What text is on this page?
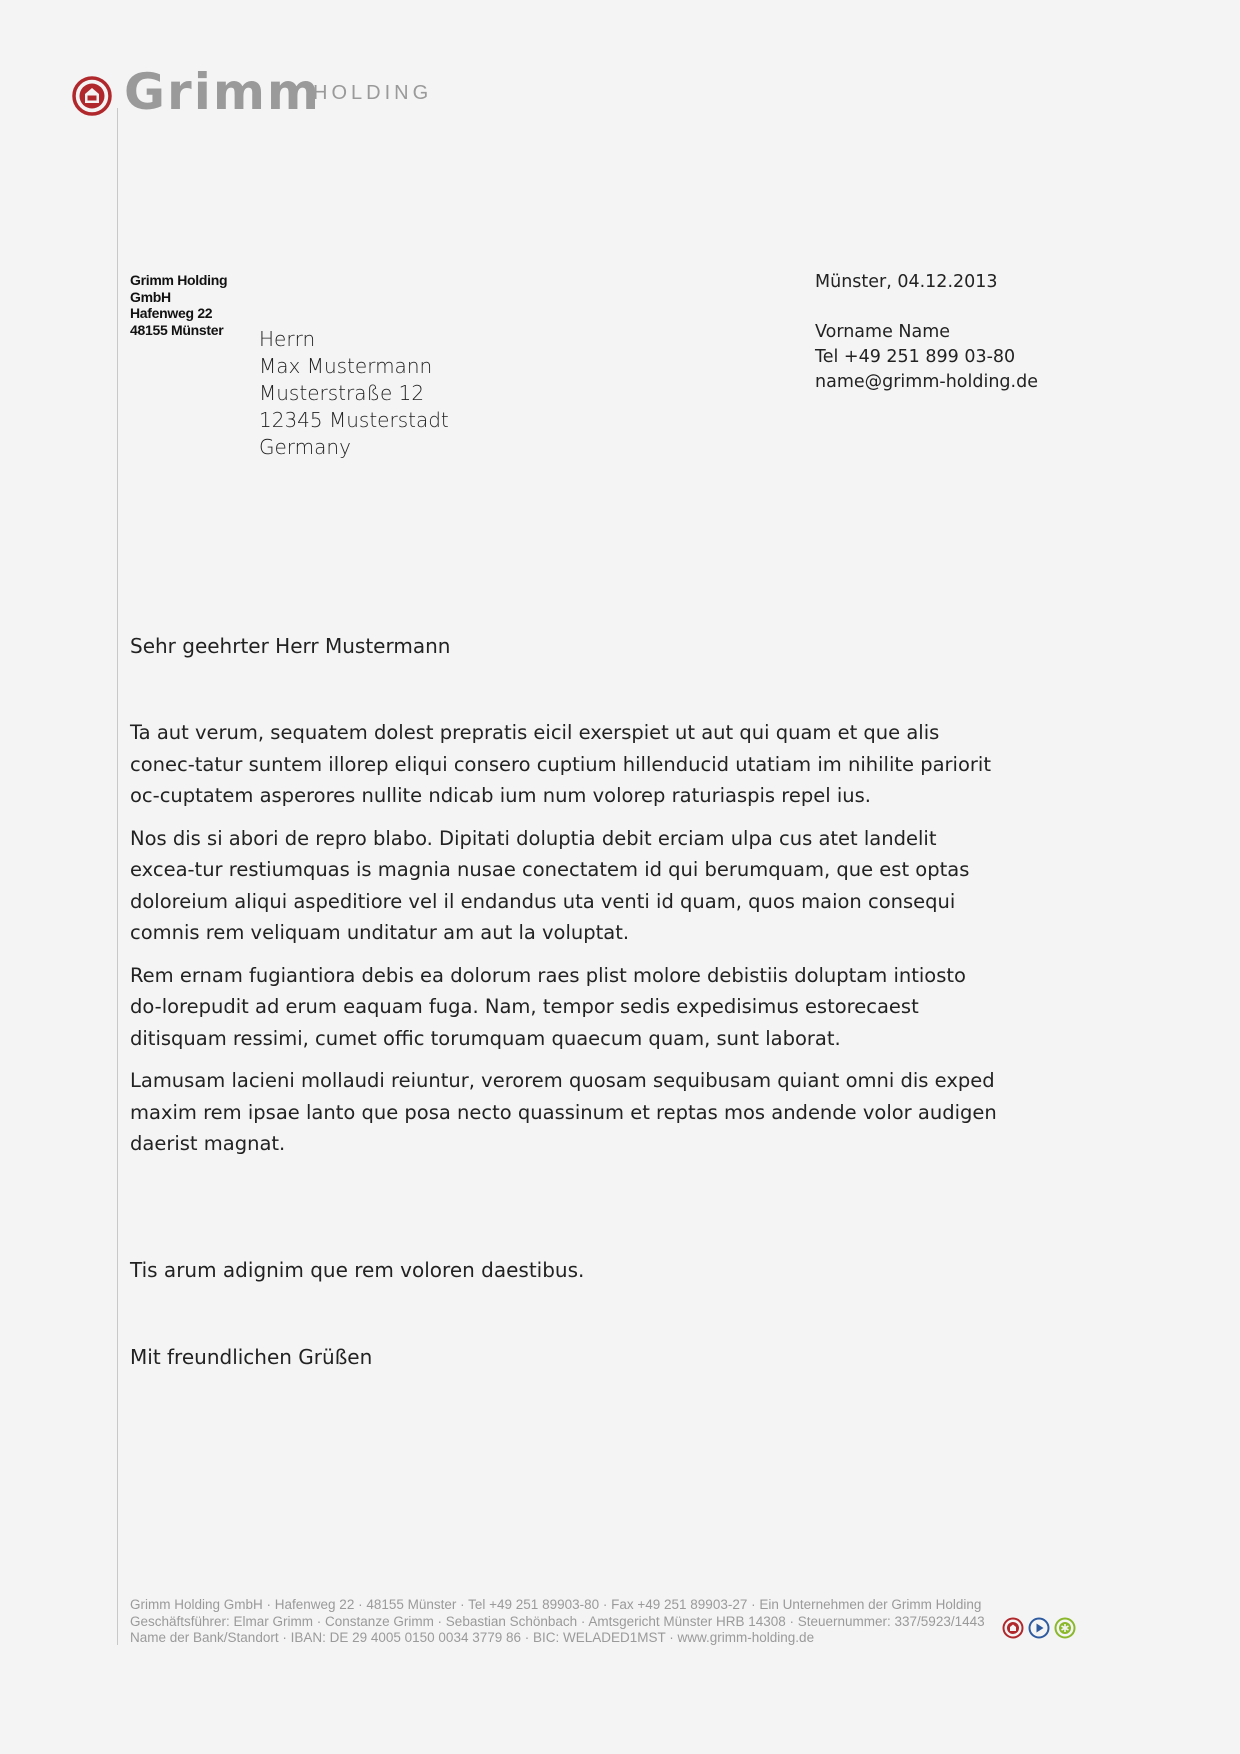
Grimm
HOLDING
Grimm Holding GmbH
Hafenweg 22
48155 Münster	Herrn
Max Mustermann
Musterstraße 12
12345 Musterstadt
Germany
Münster, 04.12.2013
Vorname Name
Tel +49 251 899 03-80
name@grimm-holding.de
Sehr geehrter Herr Mustermann

Ta aut verum, sequatem dolest prepratis eicil exerspiet ut aut qui quam et que alis conec-tatur suntem illorep eliqui consero cuptium hillenducid utatiam im nihilite pariorit oc-cuptatem asperores nullite ndicab ium num volorep raturiaspis repel ius.

Nos dis si abori de repro blabo. Dipitati doluptia debit erciam ulpa cus atet landelit excea-tur restiumquas is magnia nusae conectatem id qui berumquam, que est optas doloreium aliqui aspeditiore vel il endandus uta venti id quam, quos maion consequi comnis rem veliquam unditatur am aut la voluptat.

Rem ernam fugiantiora debis ea dolorum raes plist molore debistiis doluptam intiosto do-lorepudit ad erum eaquam fuga. Nam, tempor sedis expedisimus estorecaest ditisquam ressimi, cumet offic torumquam quaecum quam, sunt laborat.

Lamusam lacieni mollaudi reiuntur, verorem quosam sequibusam quiant omni dis exped maxim rem ipsae lanto que posa necto quassinum et reptas mos andende volor audigen daerist magnat.

Tis arum adignim que rem voloren daestibus.
Mit freundlichen Grüßen
Grimm Holding GmbH · Hafenweg 22 · 48155 Münster · Tel +49 251 89903-80 · Fax +49 251 89903-27 · Ein Unternehmen der Grimm Holding
Geschäftsführer: Elmar Grimm · Constanze Grimm · Sebastian Schönbach · Amtsgericht Münster HRB 14308 · Steuernummer: 337/5923/1443
Name der Bank/Standort · IBAN: DE 29 4005 0150 0034 3779 86 · BIC: WELADED1MST · www.grimm-holding.de
